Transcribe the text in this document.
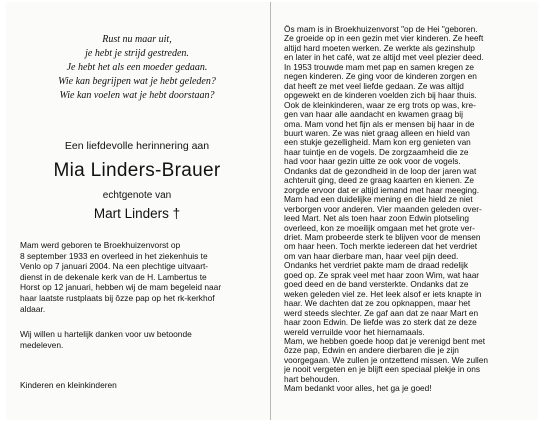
Rust nu maar uit,
je hebt je strijd gestreden.
Je hebt het als een moeder gedaan.
Wie kan begrijpen wat je hebt geleden?
Wie kan voelen wat je hebt doorstaan?
Een liefdevolle herinnering aan
Mia Linders-Brauer
echtgenote van
Mart Linders †
Mam werd geboren te Broekhuizenvorst op
8 september 1933 en overleed in het ziekenhuis te
Venlo op 7 januari 2004. Na een plechtige uitvaart-
dienst in de dekenale kerk van de H. Lambertus te
Horst op 12 januari, hebben wij de mam begeleid naar
haar laatste rustplaats bij ôzze pap op het rk-kerkhof
aldaar.
Wij willen u hartelijk danken voor uw betoonde
medeleven.
Kinderen en kleinkinderen
Ôs mam is in Broekhuizenvorst "op de Hei "geboren.
Ze groeide op in een gezin met vier kinderen. Ze heeft
altijd hard moeten werken. Ze werkte als gezinshulp
en later in het café, wat ze altijd met veel plezier deed.
In 1953 trouwde mam met pap en samen kregen ze
negen kinderen. Ze ging voor de kinderen zorgen en
dat heeft ze met veel liefde gedaan. Ze was altijd
opgewekt en de kinderen voelden zich bij haar thuis.
Ook de kleinkinderen, waar ze erg trots op was, kre-
gen van haar alle aandacht en kwamen graag bij
oma. Mam vond het fijn als er mensen bij haar in de
buurt waren. Ze was niet graag alleen en hield van
een stukje gezelligheid. Mam kon erg genieten van
haar tuintje en de vogels. De zorgzaamheid die ze
had voor haar gezin uitte ze ook voor de vogels.
Ondanks dat de gezondheid in de loop der jaren wat
achteruit ging, deed ze graag kaarten en kienen. Ze
zorgde ervoor dat er altijd iemand met haar meeging.
Mam had een duidelijke mening en die hield ze niet
verborgen voor anderen. Vier maanden geleden over-
leed Mart. Net als toen haar zoon Edwin plotseling
overleed, kon ze moeilijk omgaan met het grote ver-
driet. Mam probeerde sterk te blijven voor de mensen
om haar heen. Toch merkte iedereen dat het verdriet
om van haar dierbare man, haar veel pijn deed.
Ondanks het verdriet pakte mam de draad redelijk
goed op. Ze sprak veel met haar zoon Wim, wat haar
goed deed en de band versterkte. Ondanks dat ze
weken geleden viel ze. Het leek alsof er iets knapte in
haar. We dachten dat ze zou opknappen, maar het
werd steeds slechter. Ze gaf aan dat ze naar Mart en
haar zoon Edwin. De liefde was zo sterk dat ze deze
wereld verruilde voor het hiernamaals.
Mam, we hebben goede hoop dat je verenigd bent met
ôzze pap, Edwin en andere dierbaren die je zijn
voorgegaan. We zullen je ontzettend missen. We zullen
je nooit vergeten en je blijft een speciaal plekje in ons
hart behouden.
Mam bedankt voor alles, het ga je goed!
